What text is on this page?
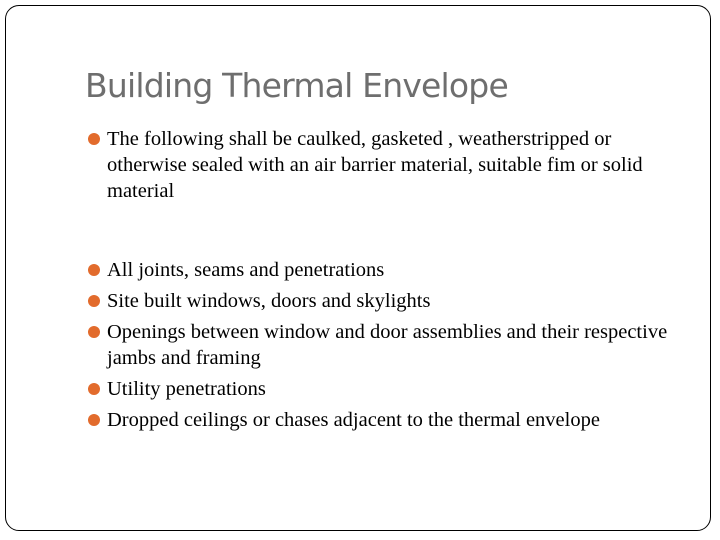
Building Thermal Envelope
The following shall be caulked, gasketed , weatherstripped or otherwise sealed with an air barrier material, suitable fim or solid material
All joints, seams and penetrations
Site built windows, doors and skylights
Openings between window and door assemblies and their respective jambs and framing
Utility penetrations
Dropped ceilings or chases adjacent to the thermal envelope
